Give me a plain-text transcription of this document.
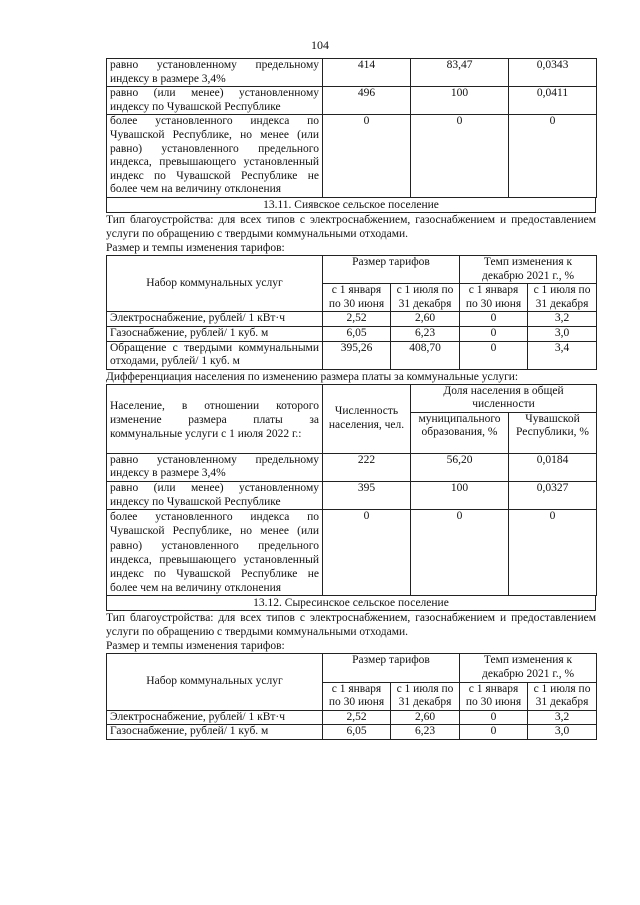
104
равно установленному предельному индексу в размере 3,4%	414	83,47	0,0343
равно (или менее) установленному индексу по Чувашской Республике	496	100	0,0411
более установленного индекса по Чувашской Республике, но менее (или равно) установленного предельного индекса, превышающего установленный индекс по Чувашской Республике не более чем на величину отклонения	0	0	0
13.11. Сиявское сельское поселение
Тип благоустройства: для всех типов с электроснабжением, газоснабжением и предоставлением услуги по обращению с твердыми коммунальными отходами.
Размер и темпы изменения тарифов:
Набор коммунальных услуг	Размер тарифов		Темп изменения к декабрю 2021 г., %	
	с 1 января по 30 июня	с 1 июля по 31 декабря	с 1 января по 30 июня	с 1 июля по 31 декабря
Электроснабжение, рублей/ 1 кВт·ч	2,52	2,60	0	3,2
Газоснабжение, рублей/ 1 куб. м	6,05	6,23	0	3,0
Обращение с твердыми коммунальными отходами, рублей/ 1 куб. м	395,26	408,70	0	3,4
Дифференциация населения по изменению размера платы за коммунальные услуги:
Население, в отношении которого изменение размера платы за коммунальные услуги с 1 июля 2022 г.:	Численность населения, чел.	Доля населения в общей численности	
		муниципального образования, %	Чувашской Республики, %
равно установленному предельному индексу в размере 3,4%	222	56,20	0,0184
равно (или менее) установленному индексу по Чувашской Республике	395	100	0,0327
более установленного индекса по Чувашской Республике, но менее (или равно) установленного предельного индекса, превышающего установленный индекс по Чувашской Республике не более чем на величину отклонения	0	0	0
13.12. Сыресинское сельское поселение
Тип благоустройства: для всех типов с электроснабжением, газоснабжением и предоставлением услуги по обращению с твердыми коммунальными отходами.
Размер и темпы изменения тарифов:
Набор коммунальных услуг	Размер тарифов		Темп изменения к декабрю 2021 г., %	
	с 1 января по 30 июня	с 1 июля по 31 декабря	с 1 января по 30 июня	с 1 июля по 31 декабря
Электроснабжение, рублей/ 1 кВт·ч	2,52	2,60	0	3,2
Газоснабжение, рублей/ 1 куб. м	6,05	6,23	0	3,0
